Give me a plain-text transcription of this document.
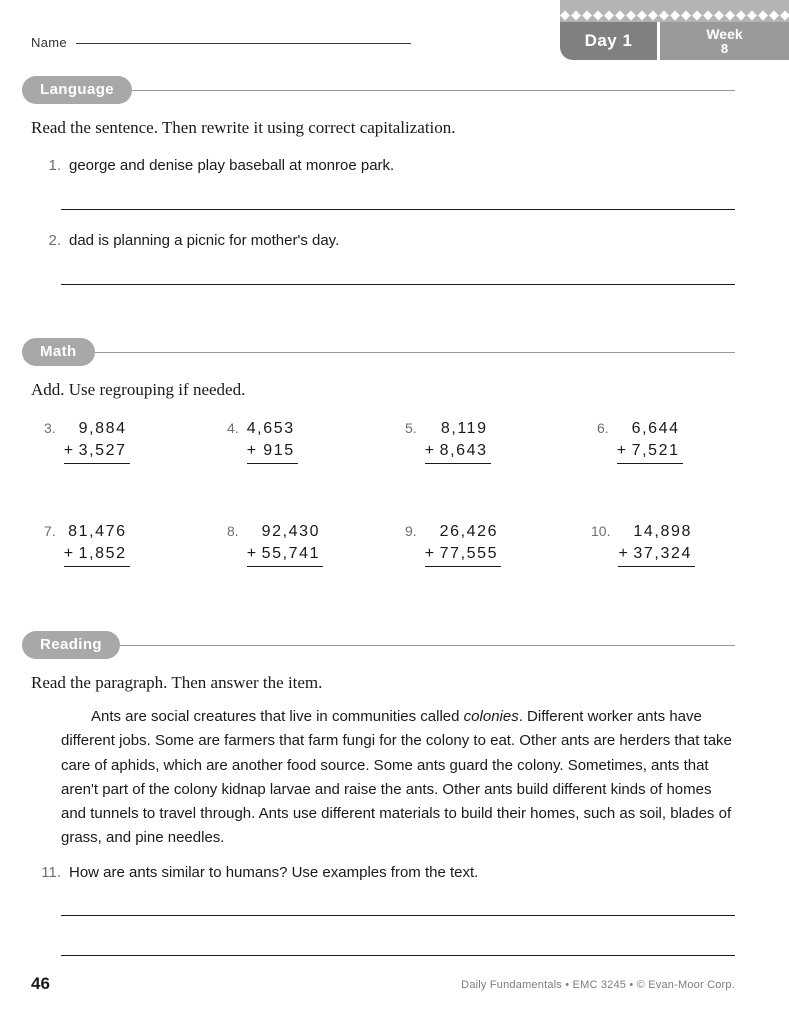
Day 1	Week
8
Name
Language
Read the sentence. Then rewrite it using correct capitalization.
1. george and denise play baseball at monroe park.
2. dad is planning a picnic for mother's day.
Math
Add. Use regrouping if needed.
3.	9,884
+ 3,527
4. 4,653
+ 915
5.	8,119
+ 8,643
6.	6,644
+ 7,521
7. 81,476
+ 1,852
8.	92,430
+ 55,741
9.	26,426
+ 77,555
10.	14,898
+ 37,324
Reading
Read the paragraph. Then answer the item.
Ants are social creatures that live in communities called colonies. Different worker ants have different jobs. Some are farmers that farm fungi for the colony to eat. Other ants are herders that take care of aphids, which are another food source. Some ants guard the colony. Sometimes, ants that aren't part of the colony kidnap larvae and raise the ants. Other ants build different kinds of homes and tunnels to travel through. Ants use different materials to build their homes, such as soil, blades of grass, and pine needles.
11. How are ants similar to humans? Use examples from the text.
46	Daily Fundamentals • EMC 3245 • © Evan-Moor Corp.
